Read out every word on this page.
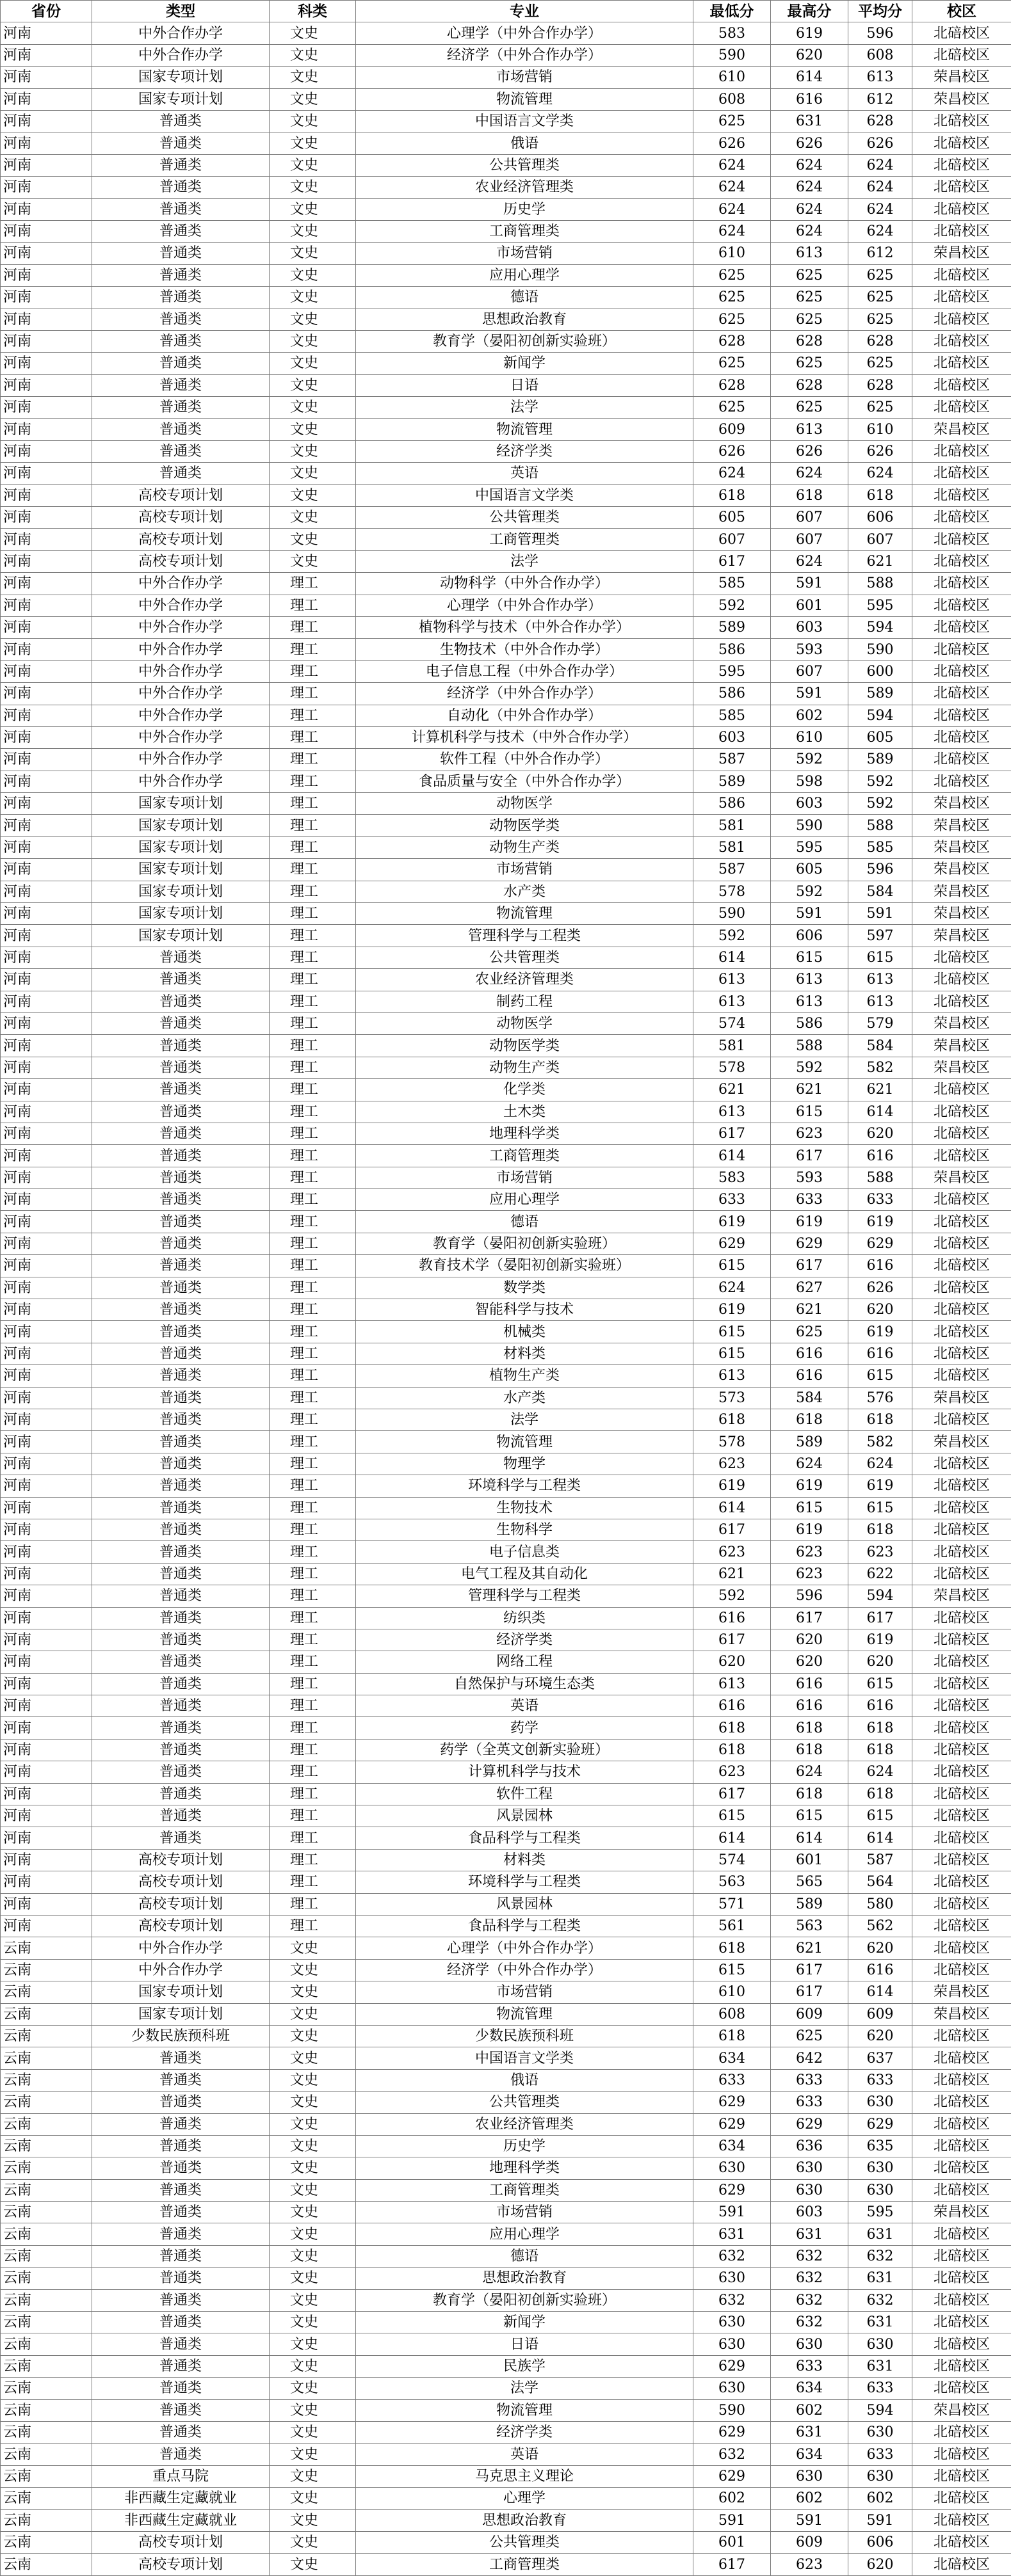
省份	类型	科类	专业	最低分	最高分	平均分	校区
河南	中外合作办学	文史	心理学（中外合作办学）	583	619	596	北碚校区
河南	中外合作办学	文史	经济学（中外合作办学）	590	620	608	北碚校区
河南	国家专项计划	文史	市场营销	610	614	613	荣昌校区
河南	国家专项计划	文史	物流管理	608	616	612	荣昌校区
河南	普通类	文史	中国语言文学类	625	631	628	北碚校区
河南	普通类	文史	俄语	626	626	626	北碚校区
河南	普通类	文史	公共管理类	624	624	624	北碚校区
河南	普通类	文史	农业经济管理类	624	624	624	北碚校区
河南	普通类	文史	历史学	624	624	624	北碚校区
河南	普通类	文史	工商管理类	624	624	624	北碚校区
河南	普通类	文史	市场营销	610	613	612	荣昌校区
河南	普通类	文史	应用心理学	625	625	625	北碚校区
河南	普通类	文史	德语	625	625	625	北碚校区
河南	普通类	文史	思想政治教育	625	625	625	北碚校区
河南	普通类	文史	教育学（晏阳初创新实验班）	628	628	628	北碚校区
河南	普通类	文史	新闻学	625	625	625	北碚校区
河南	普通类	文史	日语	628	628	628	北碚校区
河南	普通类	文史	法学	625	625	625	北碚校区
河南	普通类	文史	物流管理	609	613	610	荣昌校区
河南	普通类	文史	经济学类	626	626	626	北碚校区
河南	普通类	文史	英语	624	624	624	北碚校区
河南	高校专项计划	文史	中国语言文学类	618	618	618	北碚校区
河南	高校专项计划	文史	公共管理类	605	607	606	北碚校区
河南	高校专项计划	文史	工商管理类	607	607	607	北碚校区
河南	高校专项计划	文史	法学	617	624	621	北碚校区
河南	中外合作办学	理工	动物科学（中外合作办学）	585	591	588	北碚校区
河南	中外合作办学	理工	心理学（中外合作办学）	592	601	595	北碚校区
河南	中外合作办学	理工	植物科学与技术（中外合作办学）	589	603	594	北碚校区
河南	中外合作办学	理工	生物技术（中外合作办学）	586	593	590	北碚校区
河南	中外合作办学	理工	电子信息工程（中外合作办学）	595	607	600	北碚校区
河南	中外合作办学	理工	经济学（中外合作办学）	586	591	589	北碚校区
河南	中外合作办学	理工	自动化（中外合作办学）	585	602	594	北碚校区
河南	中外合作办学	理工	计算机科学与技术（中外合作办学）	603	610	605	北碚校区
河南	中外合作办学	理工	软件工程（中外合作办学）	587	592	589	北碚校区
河南	中外合作办学	理工	食品质量与安全（中外合作办学）	589	598	592	北碚校区
河南	国家专项计划	理工	动物医学	586	603	592	荣昌校区
河南	国家专项计划	理工	动物医学类	581	590	588	荣昌校区
河南	国家专项计划	理工	动物生产类	581	595	585	荣昌校区
河南	国家专项计划	理工	市场营销	587	605	596	荣昌校区
河南	国家专项计划	理工	水产类	578	592	584	荣昌校区
河南	国家专项计划	理工	物流管理	590	591	591	荣昌校区
河南	国家专项计划	理工	管理科学与工程类	592	606	597	荣昌校区
河南	普通类	理工	公共管理类	614	615	615	北碚校区
河南	普通类	理工	农业经济管理类	613	613	613	北碚校区
河南	普通类	理工	制药工程	613	613	613	北碚校区
河南	普通类	理工	动物医学	574	586	579	荣昌校区
河南	普通类	理工	动物医学类	581	588	584	荣昌校区
河南	普通类	理工	动物生产类	578	592	582	荣昌校区
河南	普通类	理工	化学类	621	621	621	北碚校区
河南	普通类	理工	土木类	613	615	614	北碚校区
河南	普通类	理工	地理科学类	617	623	620	北碚校区
河南	普通类	理工	工商管理类	614	617	616	北碚校区
河南	普通类	理工	市场营销	583	593	588	荣昌校区
河南	普通类	理工	应用心理学	633	633	633	北碚校区
河南	普通类	理工	德语	619	619	619	北碚校区
河南	普通类	理工	教育学（晏阳初创新实验班）	629	629	629	北碚校区
河南	普通类	理工	教育技术学（晏阳初创新实验班）	615	617	616	北碚校区
河南	普通类	理工	数学类	624	627	626	北碚校区
河南	普通类	理工	智能科学与技术	619	621	620	北碚校区
河南	普通类	理工	机械类	615	625	619	北碚校区
河南	普通类	理工	材料类	615	616	616	北碚校区
河南	普通类	理工	植物生产类	613	616	615	北碚校区
河南	普通类	理工	水产类	573	584	576	荣昌校区
河南	普通类	理工	法学	618	618	618	北碚校区
河南	普通类	理工	物流管理	578	589	582	荣昌校区
河南	普通类	理工	物理学	623	624	624	北碚校区
河南	普通类	理工	环境科学与工程类	619	619	619	北碚校区
河南	普通类	理工	生物技术	614	615	615	北碚校区
河南	普通类	理工	生物科学	617	619	618	北碚校区
河南	普通类	理工	电子信息类	623	623	623	北碚校区
河南	普通类	理工	电气工程及其自动化	621	623	622	北碚校区
河南	普通类	理工	管理科学与工程类	592	596	594	荣昌校区
河南	普通类	理工	纺织类	616	617	617	北碚校区
河南	普通类	理工	经济学类	617	620	619	北碚校区
河南	普通类	理工	网络工程	620	620	620	北碚校区
河南	普通类	理工	自然保护与环境生态类	613	616	615	北碚校区
河南	普通类	理工	英语	616	616	616	北碚校区
河南	普通类	理工	药学	618	618	618	北碚校区
河南	普通类	理工	药学（全英文创新实验班）	618	618	618	北碚校区
河南	普通类	理工	计算机科学与技术	623	624	624	北碚校区
河南	普通类	理工	软件工程	617	618	618	北碚校区
河南	普通类	理工	风景园林	615	615	615	北碚校区
河南	普通类	理工	食品科学与工程类	614	614	614	北碚校区
河南	高校专项计划	理工	材料类	574	601	587	北碚校区
河南	高校专项计划	理工	环境科学与工程类	563	565	564	北碚校区
河南	高校专项计划	理工	风景园林	571	589	580	北碚校区
河南	高校专项计划	理工	食品科学与工程类	561	563	562	北碚校区
云南	中外合作办学	文史	心理学（中外合作办学）	618	621	620	北碚校区
云南	中外合作办学	文史	经济学（中外合作办学）	615	617	616	北碚校区
云南	国家专项计划	文史	市场营销	610	617	614	荣昌校区
云南	国家专项计划	文史	物流管理	608	609	609	荣昌校区
云南	少数民族预科班	文史	少数民族预科班	618	625	620	北碚校区
云南	普通类	文史	中国语言文学类	634	642	637	北碚校区
云南	普通类	文史	俄语	633	633	633	北碚校区
云南	普通类	文史	公共管理类	629	633	630	北碚校区
云南	普通类	文史	农业经济管理类	629	629	629	北碚校区
云南	普通类	文史	历史学	634	636	635	北碚校区
云南	普通类	文史	地理科学类	630	630	630	北碚校区
云南	普通类	文史	工商管理类	629	630	630	北碚校区
云南	普通类	文史	市场营销	591	603	595	荣昌校区
云南	普通类	文史	应用心理学	631	631	631	北碚校区
云南	普通类	文史	德语	632	632	632	北碚校区
云南	普通类	文史	思想政治教育	630	632	631	北碚校区
云南	普通类	文史	教育学（晏阳初创新实验班）	632	632	632	北碚校区
云南	普通类	文史	新闻学	630	632	631	北碚校区
云南	普通类	文史	日语	630	630	630	北碚校区
云南	普通类	文史	民族学	629	633	631	北碚校区
云南	普通类	文史	法学	630	634	633	北碚校区
云南	普通类	文史	物流管理	590	602	594	荣昌校区
云南	普通类	文史	经济学类	629	631	630	北碚校区
云南	普通类	文史	英语	632	634	633	北碚校区
云南	重点马院	文史	马克思主义理论	629	630	630	北碚校区
云南	非西藏生定藏就业	文史	心理学	602	602	602	北碚校区
云南	非西藏生定藏就业	文史	思想政治教育	591	591	591	北碚校区
云南	高校专项计划	文史	公共管理类	601	609	606	北碚校区
云南	高校专项计划	文史	工商管理类	617	623	620	北碚校区
